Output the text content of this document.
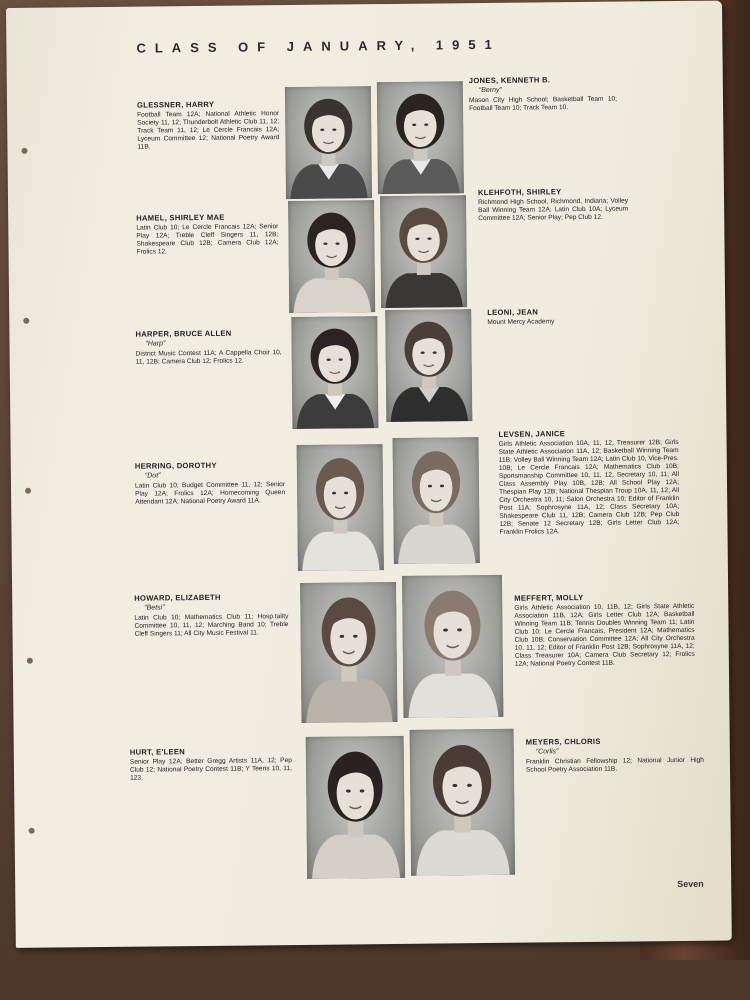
CLASS OF JANUARY, 1951
GLESSNER, HARRY
Football Team 12A; National Athletic Honor Society 11, 12; Thunderbolt Athletic Club 11, 12; Track Team 11, 12; Le Cercle Francais 12A; Lyceum Committee 12; National Poetry Award 11B.
HAMEL, SHIRLEY MAE
Latin Club 10; Le Cercle Francais 12A; Senior Play 12A; Treble Cleff Singers 11, 12B; Shakespeare Club 12B; Camera Club 12A; Frolics 12.
HARPER, BRUCE ALLEN
“Harp”
District Music Contest 11A; A Cappella Choir 10, 11, 12B; Camera Club 12; Frolics 12.
HERRING, DOROTHY
“Dot”
Latin Club 10; Budget Committee 11, 12; Senior Play 12A; Frolics 12A; Homecoming Queen Attendant 12A; National Poetry Award 11A.
HOWARD, ELIZABETH
“Betsi”
Latin Club 10; Mathematics Club 11; Hosp.tality Committee 10, 11, 12; Marching Band 10; Treble Cleff Singers 11; All City Music Festival 11.
HURT, E'LEEN
Senior Play 12A; Better Gregg Artists 11A, 12; Pep Club 12; National Poetry Contest 11B; Y Teens 10, 11, 123.
JONES, KENNETH B.
“Berny”
Mason City High School; Basketball Team 10; Football Team 10; Track Team 10.
KLEHFOTH, SHIRLEY
Richmond High School, Richmond, Indiana; Volley Ball Winning Team 12A; Latin Club 10A; Lyceum Committee 12A; Senior Play; Pep Club 12.
LEONI, JEAN
Mount Mercy Academy
LEVSEN, JANICE
Girls Athletic Association 10A, 11, 12, Treasurer 12B; Girls State Athletic Association 11A, 12; Basketball Winning Team 11B; Volley Ball Winning Team 12A; Latin Club 10, Vice-Pres. 10B; Le Cercle Francais 12A; Mathematics Club 10B; Sportsmanship Committee 10, 11, 12, Secretary 10, 11; All Class Assembly Play 10B, 12B; All School Play 12A; Thespian Play 12B; National Thespian Troup 10A, 11, 12; All City Orchestra 10, 11; Salon Orchestra 10; Editor of Franklin Post 11A; Sophrosyne 11A, 12; Class Secretary 10A; Shakespeare Club 11, 12B; Camera Club 12B; Pep Club 12B; Senate 12 Secretary 12B; Girls Letter Club 12A; Franklin Frolics 12A.
MEFFERT, MOLLY
Girls Athletic Association 10, 11B, 12; Girls State Athletic Association 11B, 12A; Girls Letter Club 12A; Basketball Winning Team 11B; Tennis Doubles Winning Team 11; Latin Club 10; Le Cercle Francais, President 12A; Mathematics Club 10B; Conservation Committee 12A; All City Orchestra 10, 11, 12; Editor of Franklin Post 12B; Sophrosyne 11A, 12; Class Treasurer 10A; Camera Club Secretary 12; Frolics 12A; National Poetry Contest 11B.
MEYERS, CHLORIS
“Corlis”
Franklin Christian Fellowship 12; National Junior High School Poetry Association 11B.
Seven
